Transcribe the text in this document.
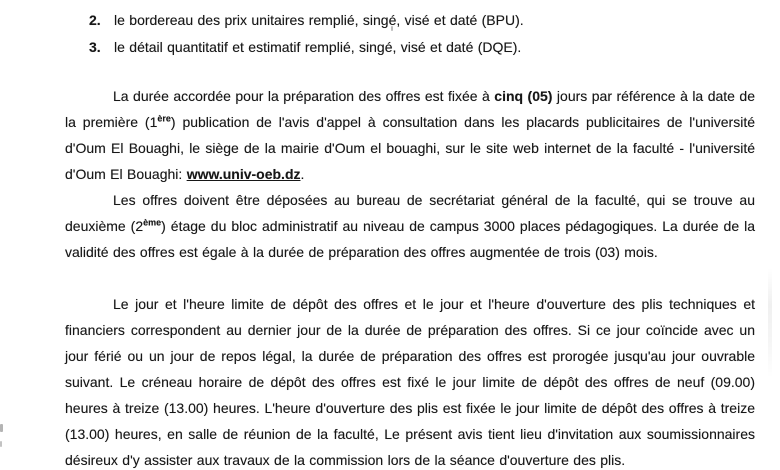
2. le bordereau des prix unitaires remplié, singé, visé et daté (BPU).
3. le détail quantitatif et estimatif remplié, singé, visé et daté (DQE).

La durée accordée pour la préparation des offres est fixée à cinq (05) jours par référence à la date de la première (1ère) publication de l'avis d'appel à consultation dans les placards publicitaires de l'université d'Oum El Bouaghi, le siège de la mairie d'Oum el bouaghi, sur le site web internet de la faculté - l'université d'Oum El Bouaghi: www.univ-oeb.dz.

Les offres doivent être déposées au bureau de secrétariat général de la faculté, qui se trouve au deuxième (2ème) étage du bloc administratif au niveau de campus 3000 places pédagogiques. La durée de la validité des offres est égale à la durée de préparation des offres augmentée de trois (03) mois.

Le jour et l'heure limite de dépôt des offres et le jour et l'heure d'ouverture des plis techniques et financiers correspondent au dernier jour de la durée de préparation des offres. Si ce jour coïncide avec un jour férié ou un jour de repos légal, la durée de préparation des offres est prorogée jusqu'au jour ouvrable suivant. Le créneau horaire de dépôt des offres est fixé le jour limite de dépôt des offres de neuf (09.00) heures à treize (13.00) heures. L'heure d'ouverture des plis est fixée le jour limite de dépôt des offres à treize (13.00) heures, en salle de réunion de la faculté, Le présent avis tient lieu d'invitation aux soumissionnaires désireux d'y assister aux travaux de la commission lors de la séance d'ouverture des plis.
